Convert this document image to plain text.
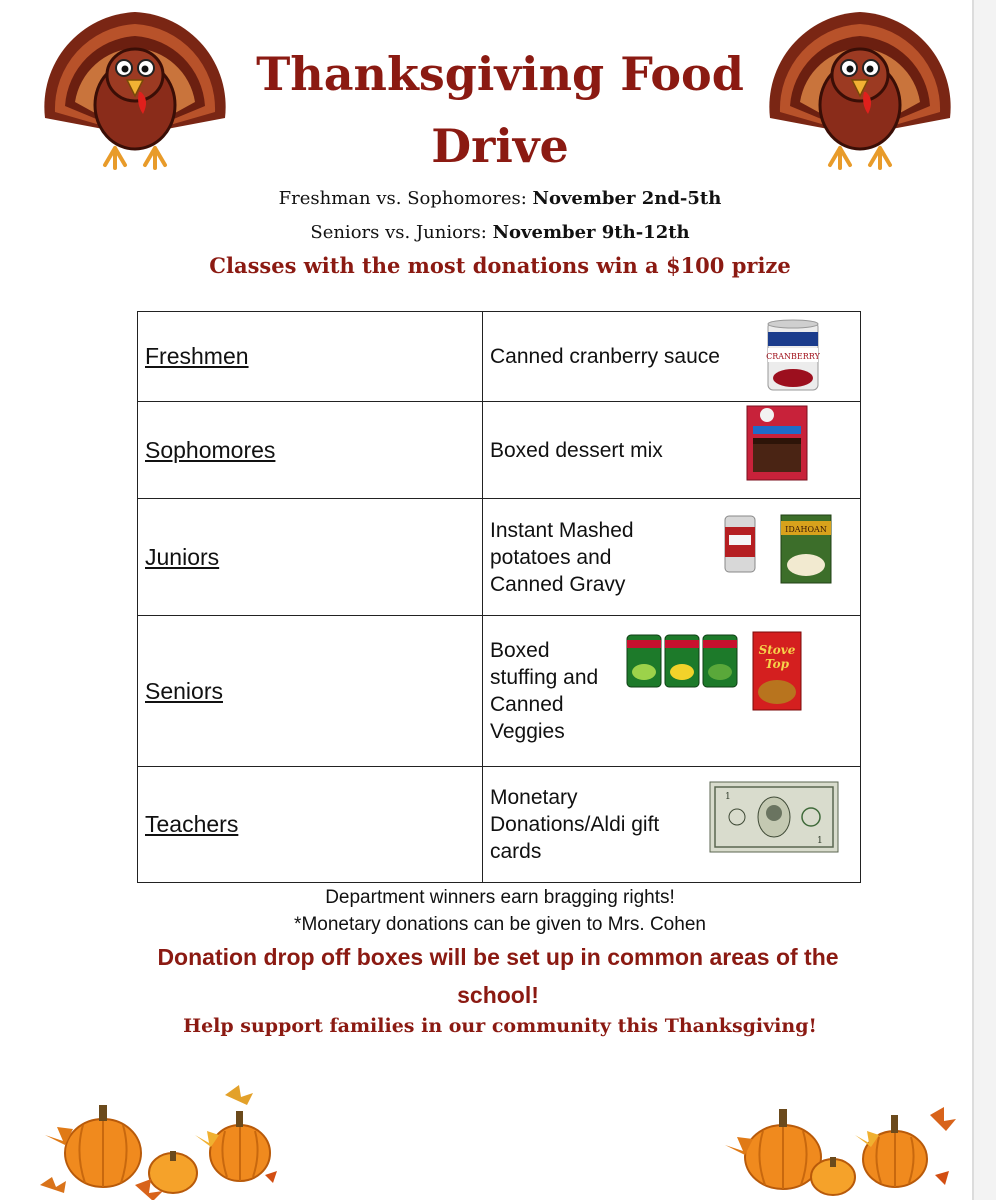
Thanksgiving Food Drive
Freshman vs. Sophomores: November 2nd-5th
Seniors vs. Juniors: November 9th-12th
Classes with the most donations win a $100 prize
Freshmen	Canned cranberry sauce CRANBERRY

Sophomores	Boxed dessert mix

Juniors	Instant Mashed potatoes and Canned Gravy
IDAHOAN

Seniors	Boxed stuffing and Canned Veggies
Stove
Top

Teachers	Monetary Donations/Aldi gift cards
1
1
Department winners earn bragging rights!
*Monetary donations can be given to Mrs. Cohen
Donation drop off boxes will be set up in common areas of the school!
Help support families in our community this Thanksgiving!
